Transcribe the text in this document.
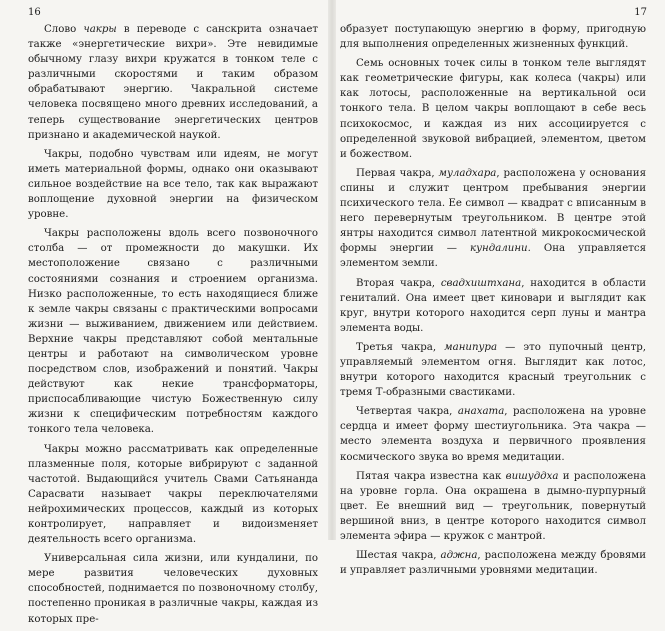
16	17

Слово чакры в переводе с санскрита означает также «энергетические вихри». Эте невидимые обычному глазу вихри кружатся в тонком теле с различными скоростями и таким образом обрабатывают энергию. Чакральной системе человека посвящено много древних исследований, а теперь существование энергетических центров признано и академической наукой.

Чакры, подобно чувствам или идеям, не могут иметь материальной формы, однако они оказывают сильное воздействие на все тело, так как выражают воплощение духовной энергии на физическом уровне.

Чакры расположены вдоль всего позвоночного столба — от промежности до макушки. Их местоположение связано с различными состояниями сознания и строением организма. Низко расположенные, то есть находящиеся ближе к земле чакры связаны с практическими вопросами жизни — выживанием, движением или действием. Верхние чакры представляют собой ментальные центры и работают на символическом уровне посредством слов, изображений и понятий. Чакры действуют как некие трансформаторы, приспосабливающие чистую Божественную силу жизни к специфическим потребностям каждого тонкого тела человека.

Чакры можно рассматривать как определенные плазменные поля, которые вибрируют с заданной частотой. Выдающийся учитель Свами Сатьянанда Сарасвати называет чакры переключателями нейрохимических процессов, каждый из которых контролирует, направляет и видоизменяет деятельность всего организма.

Универсальная сила жизни, или кундалини, по мере развития человеческих духовных способностей, поднимается по позвоночному столбу, постепенно проникая в различные чакры, каждая из которых пре-

образует поступающую энергию в форму, пригодную для выполнения определенных жизненных функций.

Семь основных точек силы в тонком теле выглядят как геометрические фигуры, как колеса (чакры) или как лотосы, расположенные на вертикальной оси тонкого тела. В целом чакры воплощают в себе весь психокосмос, и каждая из них ассоциируется с определенной звуковой вибрацией, элементом, цветом и божеством.

Первая чакра, муладхара, расположена у основания спины и служит центром пребывания энергии психического тела. Ее символ — квадрат с вписанным в него перевернутым треугольником. В центре этой янтры находится символ латентной микрокосмической формы энергии — кундалини. Она управляется элементом земли.

Вторая чакра, свадхиштхана, находится в области гениталий. Она имеет цвет киновари и выглядит как круг, внутри которого находится серп луны и мантра элемента воды.

Третья чакра, манипура — это пупочный центр, управляемый элементом огня. Выглядит как лотос, внутри которого находится красный треугольник с тремя Т-образными свастиками.

Четвертая чакра, анахата, расположена на уровне сердца и имеет форму шестиугольника. Эта чакра — место элемента воздуха и первичного проявления космического звука во время медитации.

Пятая чакра известна как вишуддха и расположена на уровне горла. Она окрашена в дымно-пурпурный цвет. Ее внешний вид — треугольник, повернутый вершиной вниз, в центре которого находится символ элемента эфира — кружок с мантрой.

Шестая чакра, аджна, расположена между бровями и управляет различными уровнями медитации.
